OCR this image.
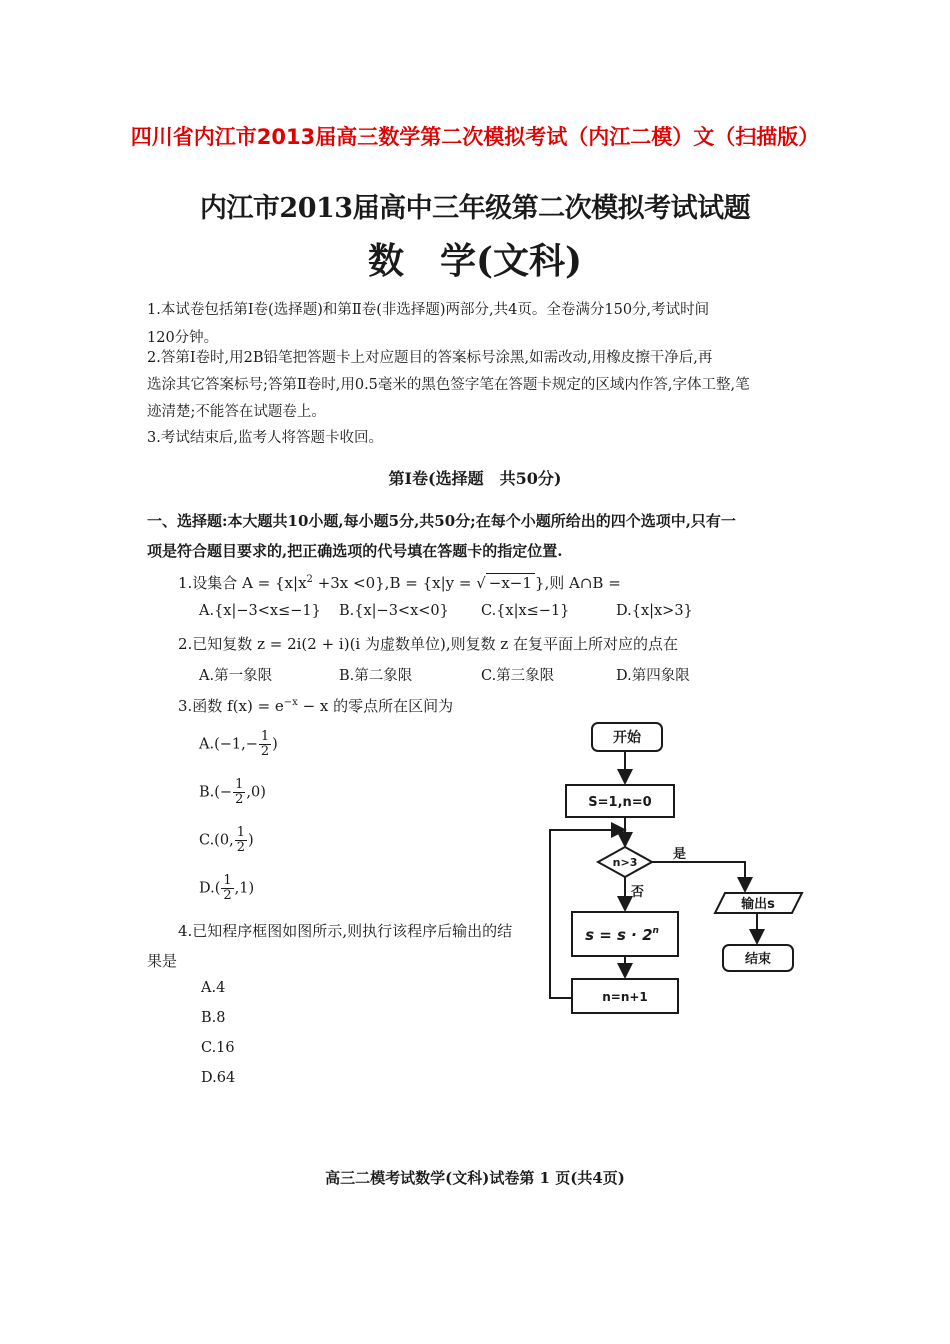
四川省内江市2013届高三数学第二次模拟考试（内江二模）文（扫描版）
内江市2013届高中三年级第二次模拟考试试题
数　学(文科)
1.本试卷包括第Ⅰ卷(选择题)和第Ⅱ卷(非选择题)两部分,共4页。全卷满分150分,考试时间
120分钟。
2.答第Ⅰ卷时,用2B铅笔把答题卡上对应题目的答案标号涂黑,如需改动,用橡皮擦干净后,再
选涂其它答案标号;答第Ⅱ卷时,用0.5毫米的黑色签字笔在答题卡规定的区域内作答,字体工整,笔
迹清楚;不能答在试题卷上。
3.考试结束后,监考人将答题卡收回。
第Ⅰ卷(选择题　共50分)
一、选择题:本大题共10小题,每小题5分,共50分;在每个小题所给出的四个选项中,只有一
项是符合题目要求的,把正确选项的代号填在答题卡的指定位置.
1.设集合 $A = \{x|x^2 +3x <0\},B = \{x|y$ = √ −x−1 },则 A∩B =
A.{x|−3<x≤−1} B.{x|−3<x<0} C.{x|x≤−1}	D.{x|x>3}
2.已知复数 z = 2i(2 + i)(i 为虚数单位),则复数 z 在复平面上所对应的点在
A.第一象限	B.第二象限	C.第三象限	D.第四象限
3.函数 $f(x) = e^{-x} - x$ 的零点所在区间为
$A.(-1,- \frac{1}{2}$ )
$B.(- \frac{1}{2} ,0)$
C.(0, $\frac{1}{2}$ )
$D.( \frac{1}{2} ,1)$
4.已知程序框图如图所示,则执行该程序后输出的结
果是
A.4
B.8
C.16
D.64
开始
S=1,n=0
n>3
是
否
输出s
结束
$s = s \cdot 2^n$
n=n+1
高三二模考试数学(文科)试卷第 1 页(共4页)
